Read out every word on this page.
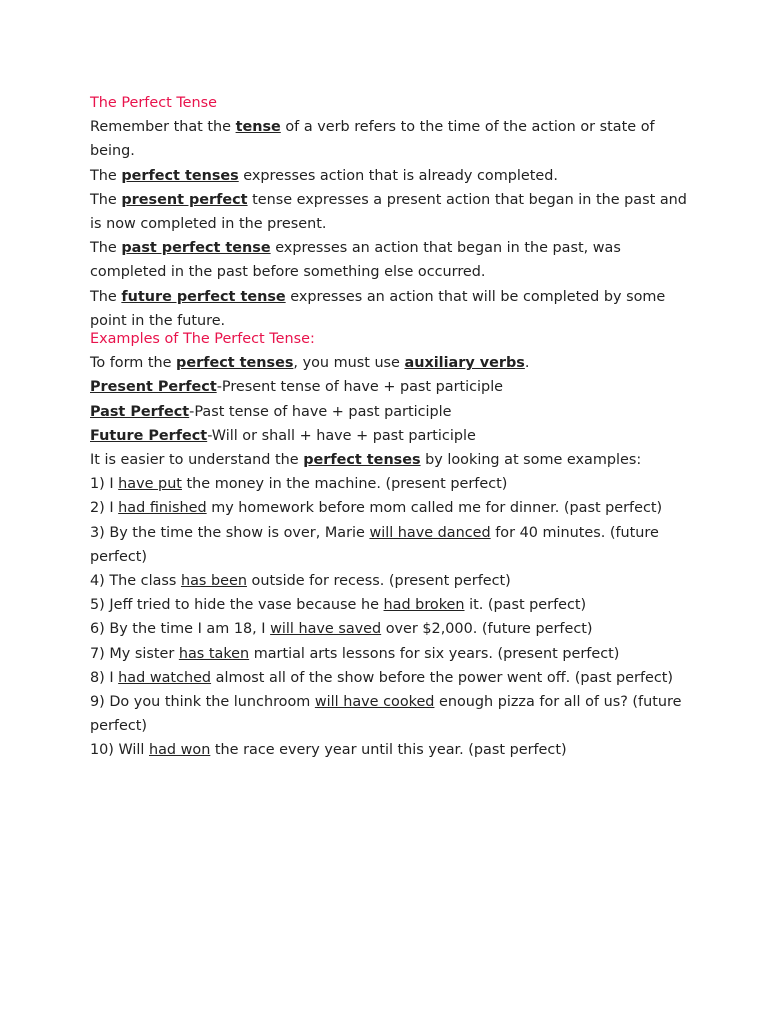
The Perfect Tense

Remember that the tense of a verb refers to the time of the action or state of being.

The perfect tenses expresses action that is already completed.

The present perfect tense expresses a present action that began in the past and is now completed in the present.

The past perfect tense expresses an action that began in the past, was completed in the past before something else occurred.

The future perfect tense expresses an action that will be completed by some point in the future.

Examples of The Perfect Tense:

To form the perfect tenses, you must use auxiliary verbs.

Present Perfect-Present tense of have + past participle

Past Perfect-Past tense of have + past participle

Future Perfect-Will or shall + have + past participle

It is easier to understand the perfect tenses by looking at some examples:

1) I have put the money in the machine. (present perfect)

2) I had finished my homework before mom called me for dinner. (past perfect)

3) By the time the show is over, Marie will have danced for 40 minutes. (future perfect)

4) The class has been outside for recess. (present perfect)

5) Jeff tried to hide the vase because he had broken it. (past perfect)

6) By the time I am 18, I will have saved over $2,000. (future perfect)

7) My sister has taken martial arts lessons for six years. (present perfect)

8) I had watched almost all of the show before the power went off. (past perfect)

9) Do you think the lunchroom will have cooked enough pizza for all of us? (future perfect)

10) Will had won the race every year until this year. (past perfect)
